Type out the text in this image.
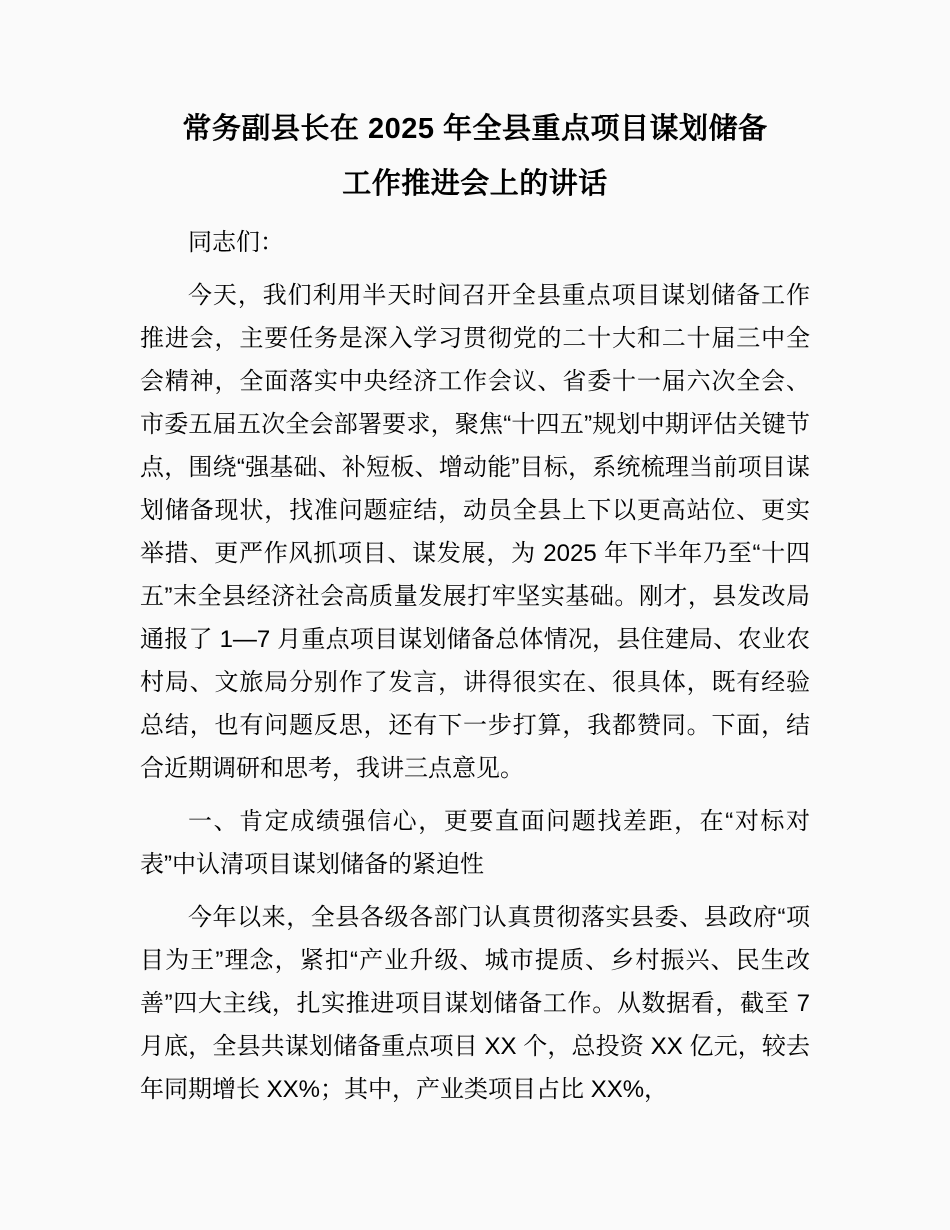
常务副县长在 2025 年全县重点项目谋划储备
工作推进会上的讲话

同志们：

今天，我们利用半天时间召开全县重点项目谋划储备工作推进会，主要任务是深入学习贯彻党的二十大和二十届三中全会精神，全面落实中央经济工作会议、省委十一届六次全会、市委五届五次全会部署要求，聚焦“十四五”规划中期评估关键节点，围绕“强基础、补短板、增动能”目标，系统梳理当前项目谋划储备现状，找准问题症结，动员全县上下以更高站位、更实举措、更严作风抓项目、谋发展，为 2025 年下半年乃至“十四五”末全县经济社会高质量发展打牢坚实基础。刚才，县发改局通报了 1—7 月重点项目谋划储备总体情况，县住建局、农业农村局、文旅局分别作了发言，讲得很实在、很具体，既有经验总结，也有问题反思，还有下一步打算，我都赞同。下面，结合近期调研和思考，我讲三点意见。

一、肯定成绩强信心，更要直面问题找差距，在“对标对表”中认清项目谋划储备的紧迫性

今年以来，全县各级各部门认真贯彻落实县委、县政府“项目为王”理念，紧扣“产业升级、城市提质、乡村振兴、民生改善”四大主线，扎实推进项目谋划储备工作。从数据看，截至 7 月底，全县共谋划储备重点项目 XX 个，总投资 XX 亿元，较去年同期增长 XX%；其中，产业类项目占比 XX%，
